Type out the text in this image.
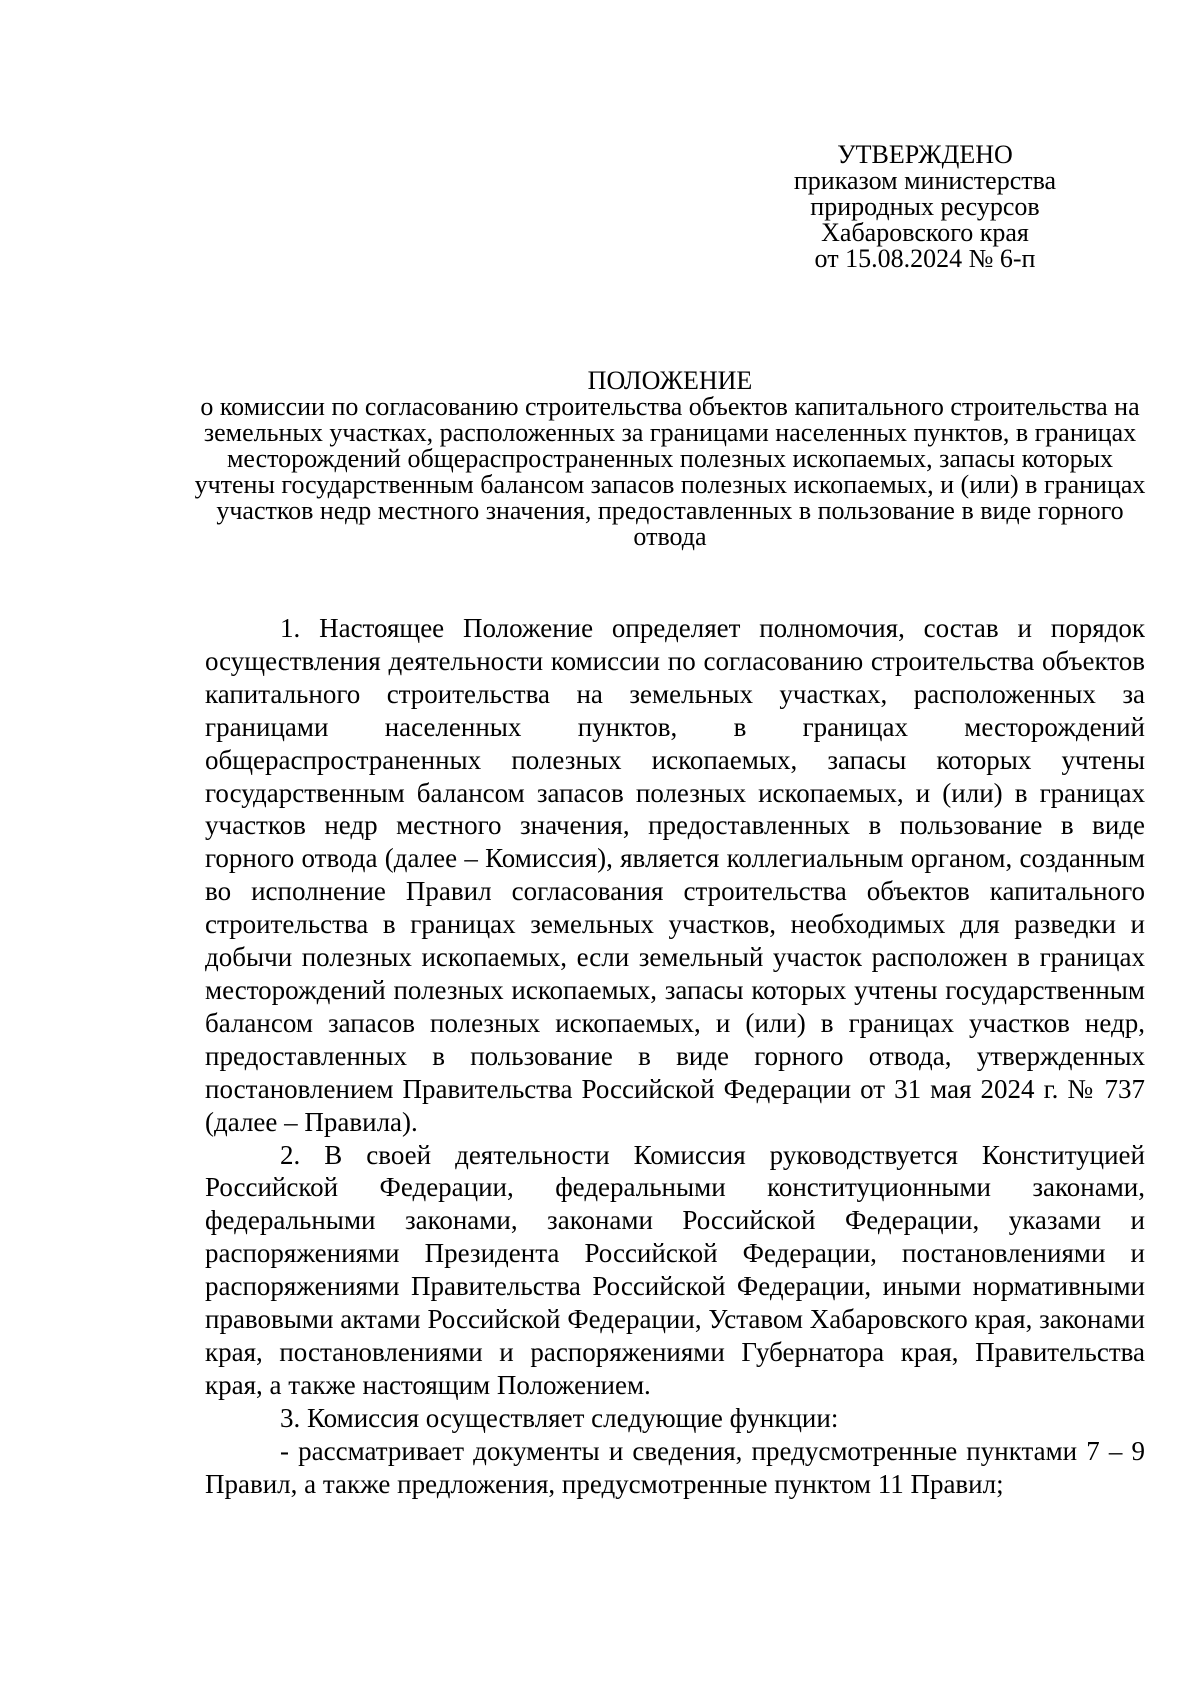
УТВЕРЖДЕНО
приказом министерства
природных ресурсов
Хабаровского края
от 15.08.2024 № 6-п
ПОЛОЖЕНИЕ
о комиссии по согласованию строительства объектов капитального строительства на земельных участках, расположенных за границами населенных пунктов, в границах месторождений общераспространенных полезных ископаемых, запасы которых учтены государственным балансом запасов полезных ископаемых, и (или) в границах участков недр местного значения, предоставленных в пользование в виде горного отвода

1. Настоящее Положение определяет полномочия, состав и порядок осуществления деятельности комиссии по согласованию строительства объектов капитального строительства на земельных участках, расположенных за границами населенных пунктов, в границах месторождений общераспространенных полезных ископаемых, запасы которых учтены государственным балансом запасов полезных ископаемых, и (или) в границах участков недр местного значения, предоставленных в пользование в виде горного отвода (далее – Комиссия), является коллегиальным органом, созданным во исполнение Правил согласования строительства объектов капитального строительства в границах земельных участков, необходимых для разведки и добычи полезных ископаемых, если земельный участок расположен в границах месторождений полезных ископаемых, запасы которых учтены государственным балансом запасов полезных ископаемых, и (или) в границах участков недр, предоставленных в пользование в виде горного отвода, утвержденных постановлением Правительства Российской Федерации от 31 мая 2024 г. № 737 (далее – Правила).

2. В своей деятельности Комиссия руководствуется Конституцией Российской Федерации, федеральными конституционными законами, федеральными законами, законами Российской Федерации, указами и распоряжениями Президента Российской Федерации, постановлениями и распоряжениями Правительства Российской Федерации, иными нормативными правовыми актами Российской Федерации, Уставом Хабаровского края, законами края, постановлениями и распоряжениями Губернатора края, Правительства края, а также настоящим Положением.

3. Комиссия осуществляет следующие функции:

- рассматривает документы и сведения, предусмотренные пунктами 7 – 9 Правил, а также предложения, предусмотренные пунктом 11 Правил;
